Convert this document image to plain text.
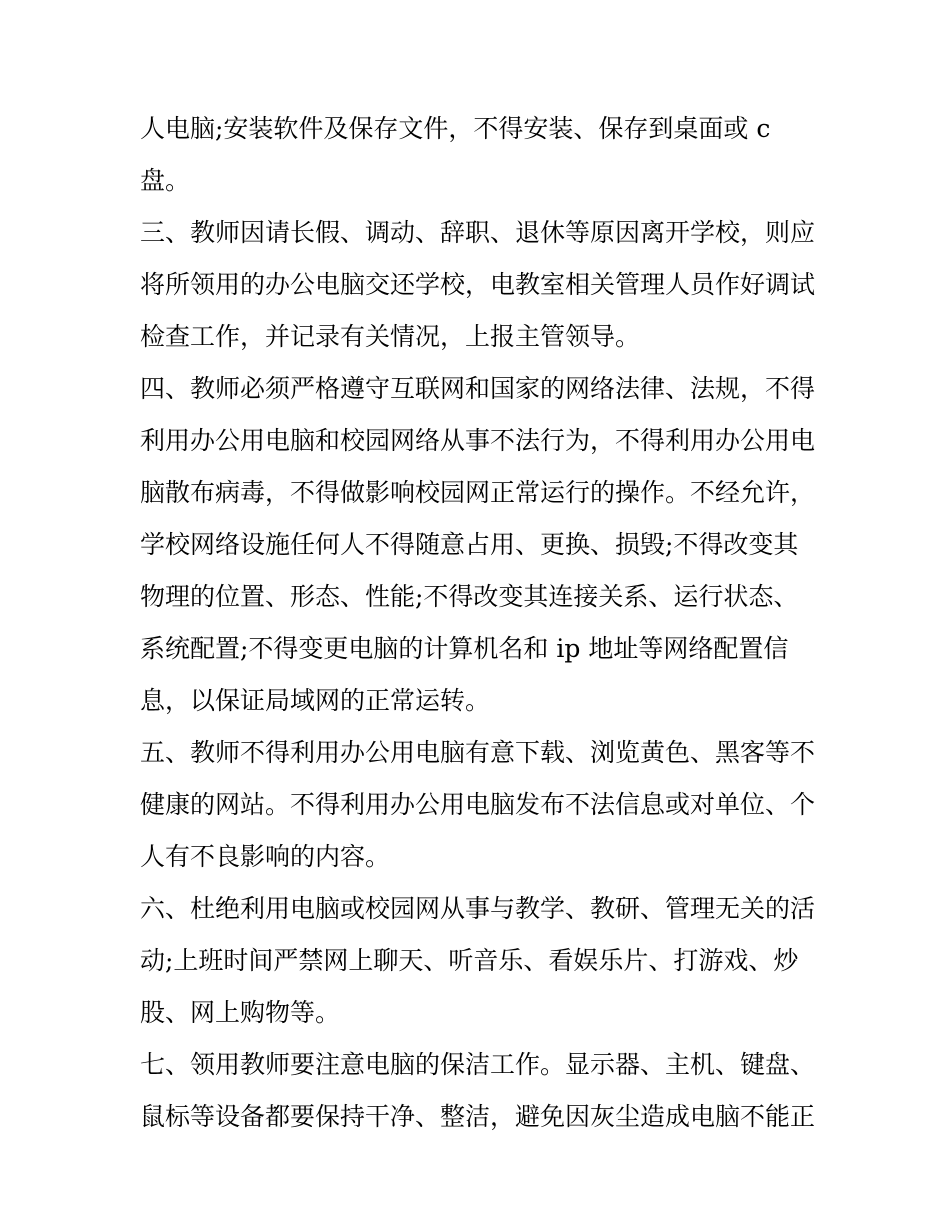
人电脑;安装软件及保存文件，不得安装、保存到桌面或 c
盘。
三、教师因请长假、调动、辞职、退休等原因离开学校，则应
将所领用的办公电脑交还学校，电教室相关管理人员作好调试
检查工作，并记录有关情况，上报主管领导。
四、教师必须严格遵守互联网和国家的网络法律、法规，不得
利用办公用电脑和校园网络从事不法行为，不得利用办公用电
脑散布病毒，不得做影响校园网正常运行的操作。不经允许，
学校网络设施任何人不得随意占用、更换、损毁;不得改变其
物理的位置、形态、性能;不得改变其连接关系、运行状态、
系统配置;不得变更电脑的计算机名和 ip 地址等网络配置信
息，以保证局域网的正常运转。
五、教师不得利用办公用电脑有意下载、浏览黄色、黑客等不
健康的网站。不得利用办公用电脑发布不法信息或对单位、个
人有不良影响的内容。
六、杜绝利用电脑或校园网从事与教学、教研、管理无关的活
动;上班时间严禁网上聊天、听音乐、看娱乐片、打游戏、炒
股、网上购物等。
七、领用教师要注意电脑的保洁工作。显示器、主机、键盘、
鼠标等设备都要保持干净、整洁，避免因灰尘造成电脑不能正
